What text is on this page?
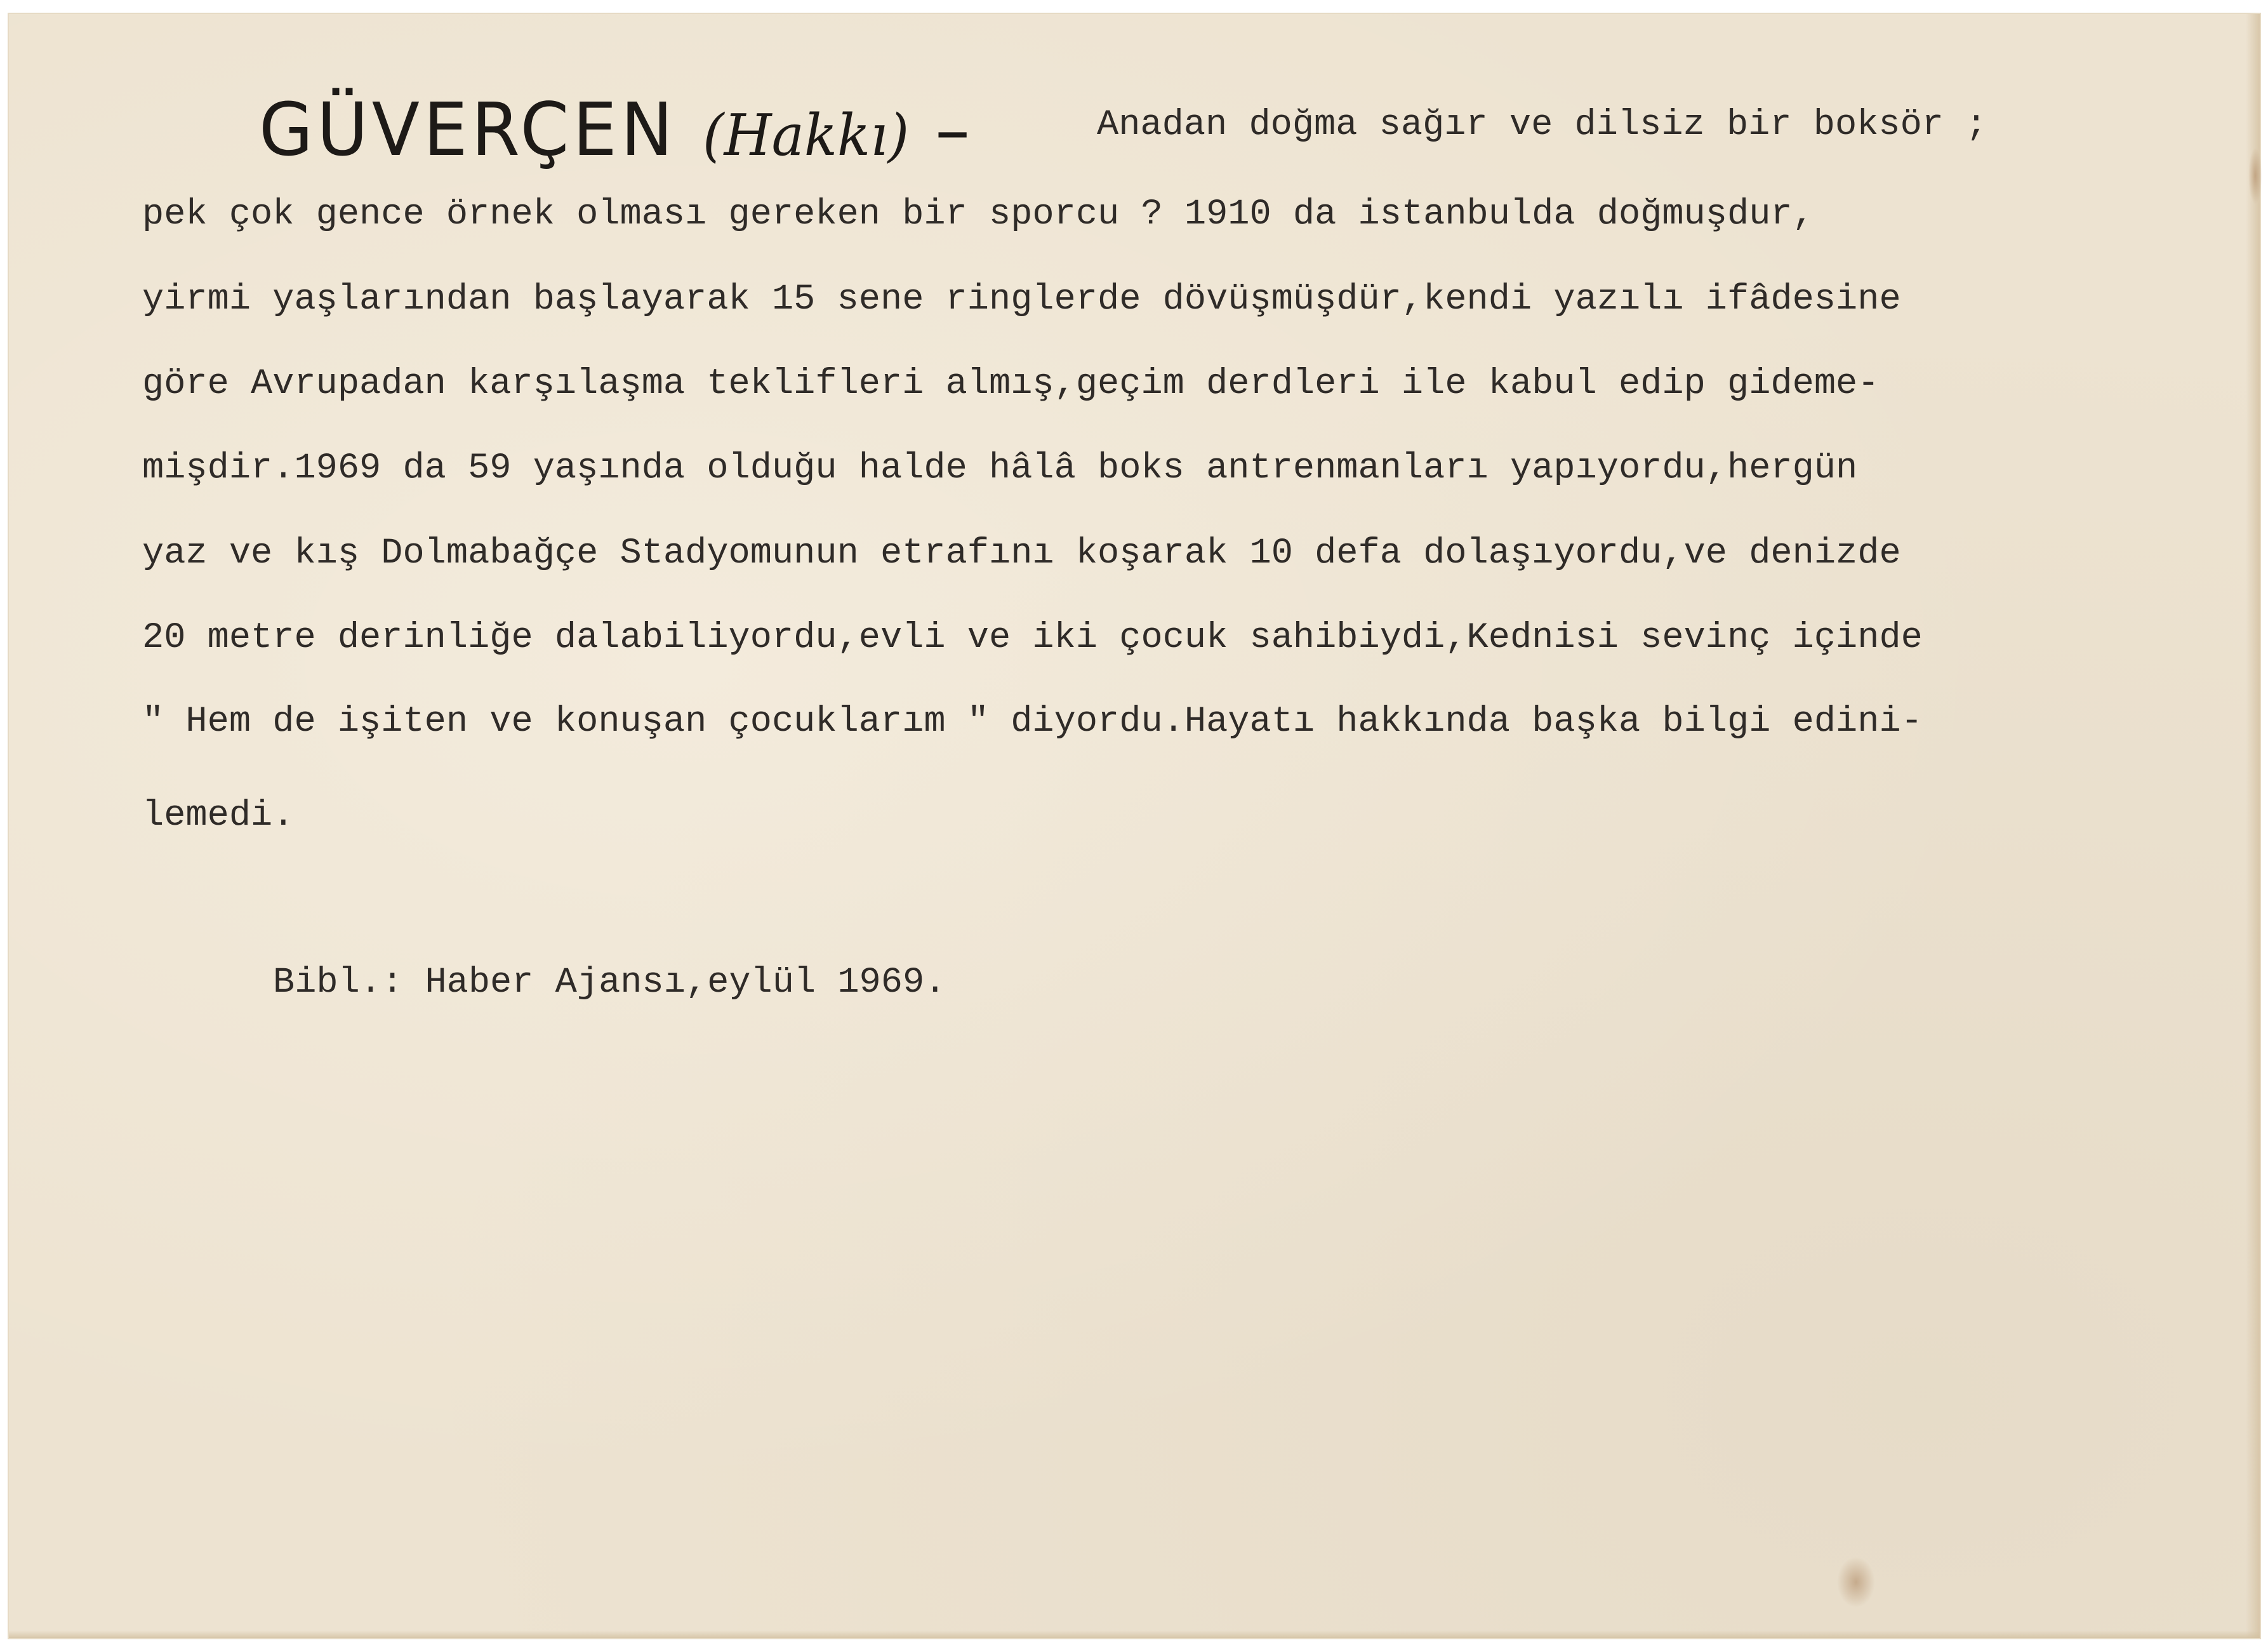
GÜVERÇEN (Hakkı) –	Anadan doğma sağır ve dilsiz bir boksör ;
pek çok gence örnek olması gereken bir sporcu ? 1910 da istanbulda doğmuşdur,
yirmi yaşlarından başlayarak 15 sene ringlerde dövüşmüşdür,kendi yazılı ifâdesine
göre Avrupadan karşılaşma teklifleri almış,geçim derdleri ile kabul edip gideme-
mişdir.1969 da 59 yaşında olduğu halde hâlâ boks antrenmanları yapıyordu,hergün
yaz ve kış Dolmabağçe Stadyomunun etrafını koşarak 10 defa dolaşıyordu,ve denizde
20 metre derinliğe dalabiliyordu,evli ve iki çocuk sahibiydi,Kednisi sevinç içinde
" Hem de işiten ve konuşan çocuklarım " diyordu.Hayatı hakkında başka bilgi edini-
lemedi.
Bibl.: Haber Ajansı,eylül 1969.
